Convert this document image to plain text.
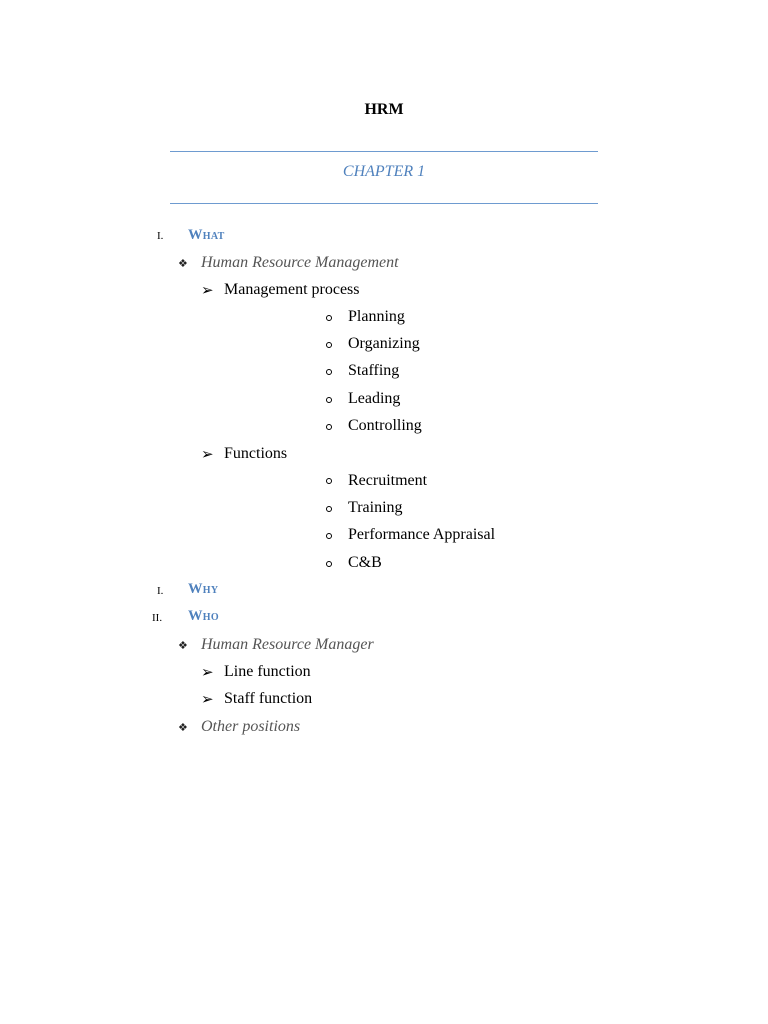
HRM
CHAPTER 1
I. What
❖ Human Resource Management
➢ Management process
Planning
Organizing
Staffing
Leading
Controlling
➢ Functions
Recruitment
Training
Performance Appraisal
C&B
I. Why
II. Who
❖ Human Resource Manager
➢ Line function
➢ Staff function
❖ Other positions
